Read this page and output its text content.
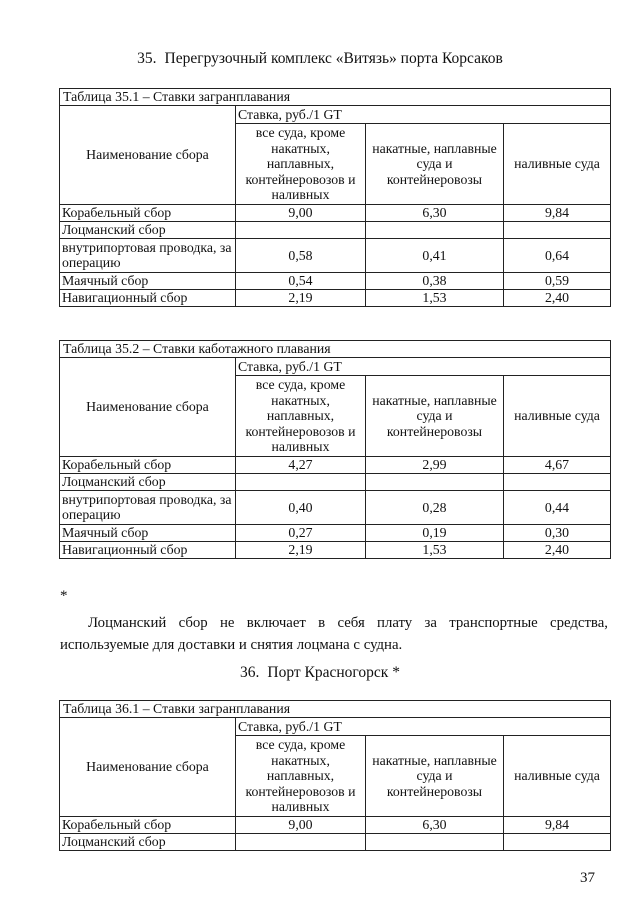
35. Перегрузочный комплекс «Витязь» порта Корсаков
Таблица 35.1 – Ставки загранплавания			
Наименование сбора	Ставка, руб./1 GT		
	все суда, кроме накатных, наплавных, контейнеровозов и наливных	накатные, наплавные суда и контейнеровозы	наливные суда
Корабельный сбор	9,00	6,30	9,84
Лоцманский сбор			
внутрипортовая проводка, за операцию	0,58	0,41	0,64
Маячный сбор	0,54	0,38	0,59
Навигационный сбор	2,19	1,53	2,40
Таблица 35.2 – Ставки каботажного плавания			
Наименование сбора	Ставка, руб./1 GT		
	все суда, кроме накатных, наплавных, контейнеровозов и наливных	накатные, наплавные суда и контейнеровозы	наливные суда
Корабельный сбор	4,27	2,99	4,67
Лоцманский сбор			
внутрипортовая проводка, за операцию	0,40	0,28	0,44
Маячный сбор	0,27	0,19	0,30
Навигационный сбор	2,19	1,53	2,40
*
Лоцманский сбор не включает в себя плату за транспортные средства, используемые для доставки и снятия лоцмана с судна.
36. Порт Красногорск *
Таблица 36.1 – Ставки загранплавания			
Наименование сбора	Ставка, руб./1 GT		
	все суда, кроме накатных, наплавных, контейнеровозов и наливных	накатные, наплавные суда и контейнеровозы	наливные суда
Корабельный сбор	9,00	6,30	9,84
Лоцманский сбор			
37
